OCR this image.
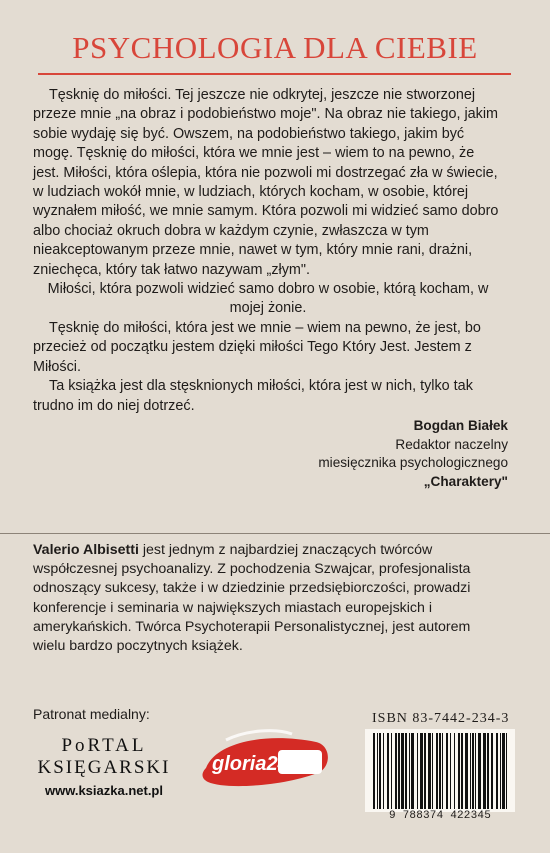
PSYCHOLOGIA DLA CIEBIE

Tęsknię do miłości. Tej jeszcze nie odkrytej, jeszcze nie stworzonej przeze mnie „na obraz i podobieństwo moje". Na obraz nie takiego, jakim sobie wydaję się być. Owszem, na podobieństwo takiego, jakim być mogę. Tęsknię do miłości, która we mnie jest – wiem to na pewno, że jest. Miłości, która oślepia, która nie pozwoli mi dostrzegać zła w świecie, w ludziach wokół mnie, w ludziach, których kocham, w osobie, której wyznałem miłość, we mnie samym. Która pozwoli mi widzieć samo dobro albo chociaż okruch dobra w każdym czynie, zwłaszcza w tym nieakceptowanym przeze mnie, nawet w tym, który mnie rani, drażni, zniechęca, który tak łatwo nazywam „złym".

Miłości, która pozwoli widzieć samo dobro w osobie, którą kocham, w mojej żonie.

Tęsknię do miłości, która jest we mnie – wiem na pewno, że jest, bo przecież od początku jestem dzięki miłości Tego Który Jest. Jestem z Miłości.

Ta książka jest dla stęsknionych miłości, która jest w nich, tylko tak trudno im do niej dotrzeć.

Bogdan Białek
Redaktor naczelny
miesięcznika psychologicznego
„Charaktery"
Valerio Albisetti jest jednym z najbardziej znaczących twórców współczesnej psychoanalizy. Z pochodzenia Szwajcar, profesjonalista odnoszący sukcesy, także i w dziedzinie przedsiębiorczości, prowadzi konferencje i seminaria w największych miastach europejskich i amerykańskich. Twórca Psychoterapii Personalistycznej, jest autorem wielu bardzo poczytnych książek.
Patronat medialny:
PoRTAL
KSIĘGARSKI
www.ksiazka.net.pl
gloria24.pl
ISBN 83-7442-234-3
9 788374 422345
